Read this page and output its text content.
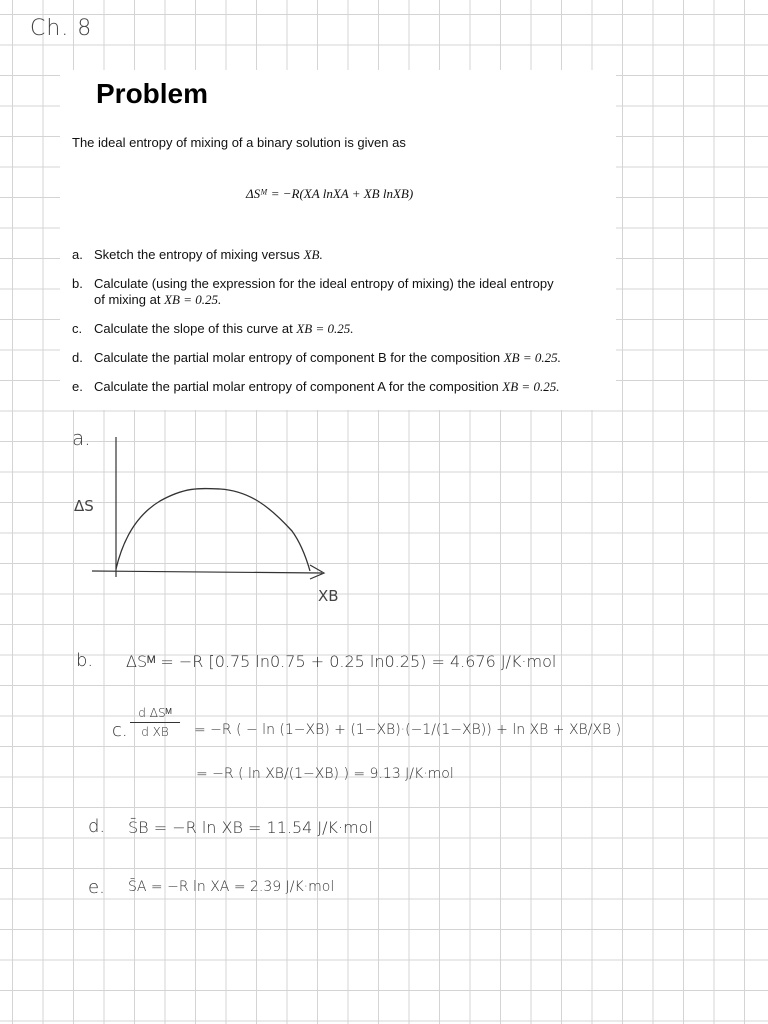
Ch. 8
Problem
The ideal entropy of mixing of a binary solution is given as
ΔSᴹ = −R(XA lnXA + XB lnXB)
a. Sketch the entropy of mixing versus XB.
b. Calculate (using the expression for the ideal entropy of mixing) the ideal entropy
of mixing at XB = 0.25.
c. Calculate the slope of this curve at XB = 0.25.
d. Calculate the partial molar entropy of component B for the composition XB = 0.25.
e. Calculate the partial molar entropy of component A for the composition XB = 0.25.
a.
ΔS
XB
b. ΔSᴹ = −R [0.75 ln0.75 + 0.25 ln0.25) = 4.676 J/K·mol
c.
d ΔSᴹ
d XB	= −R ( − ln (1−XB) + (1−XB)·(−1/(1−XB)) + ln XB + XB/XB )
= −R ( ln XB/(1−XB) ) = 9.13 J/K·mol
d. S̄B = −R ln XB = 11.54 J/K·mol
e. S̄A = −R ln XA = 2.39 J/K·mol
